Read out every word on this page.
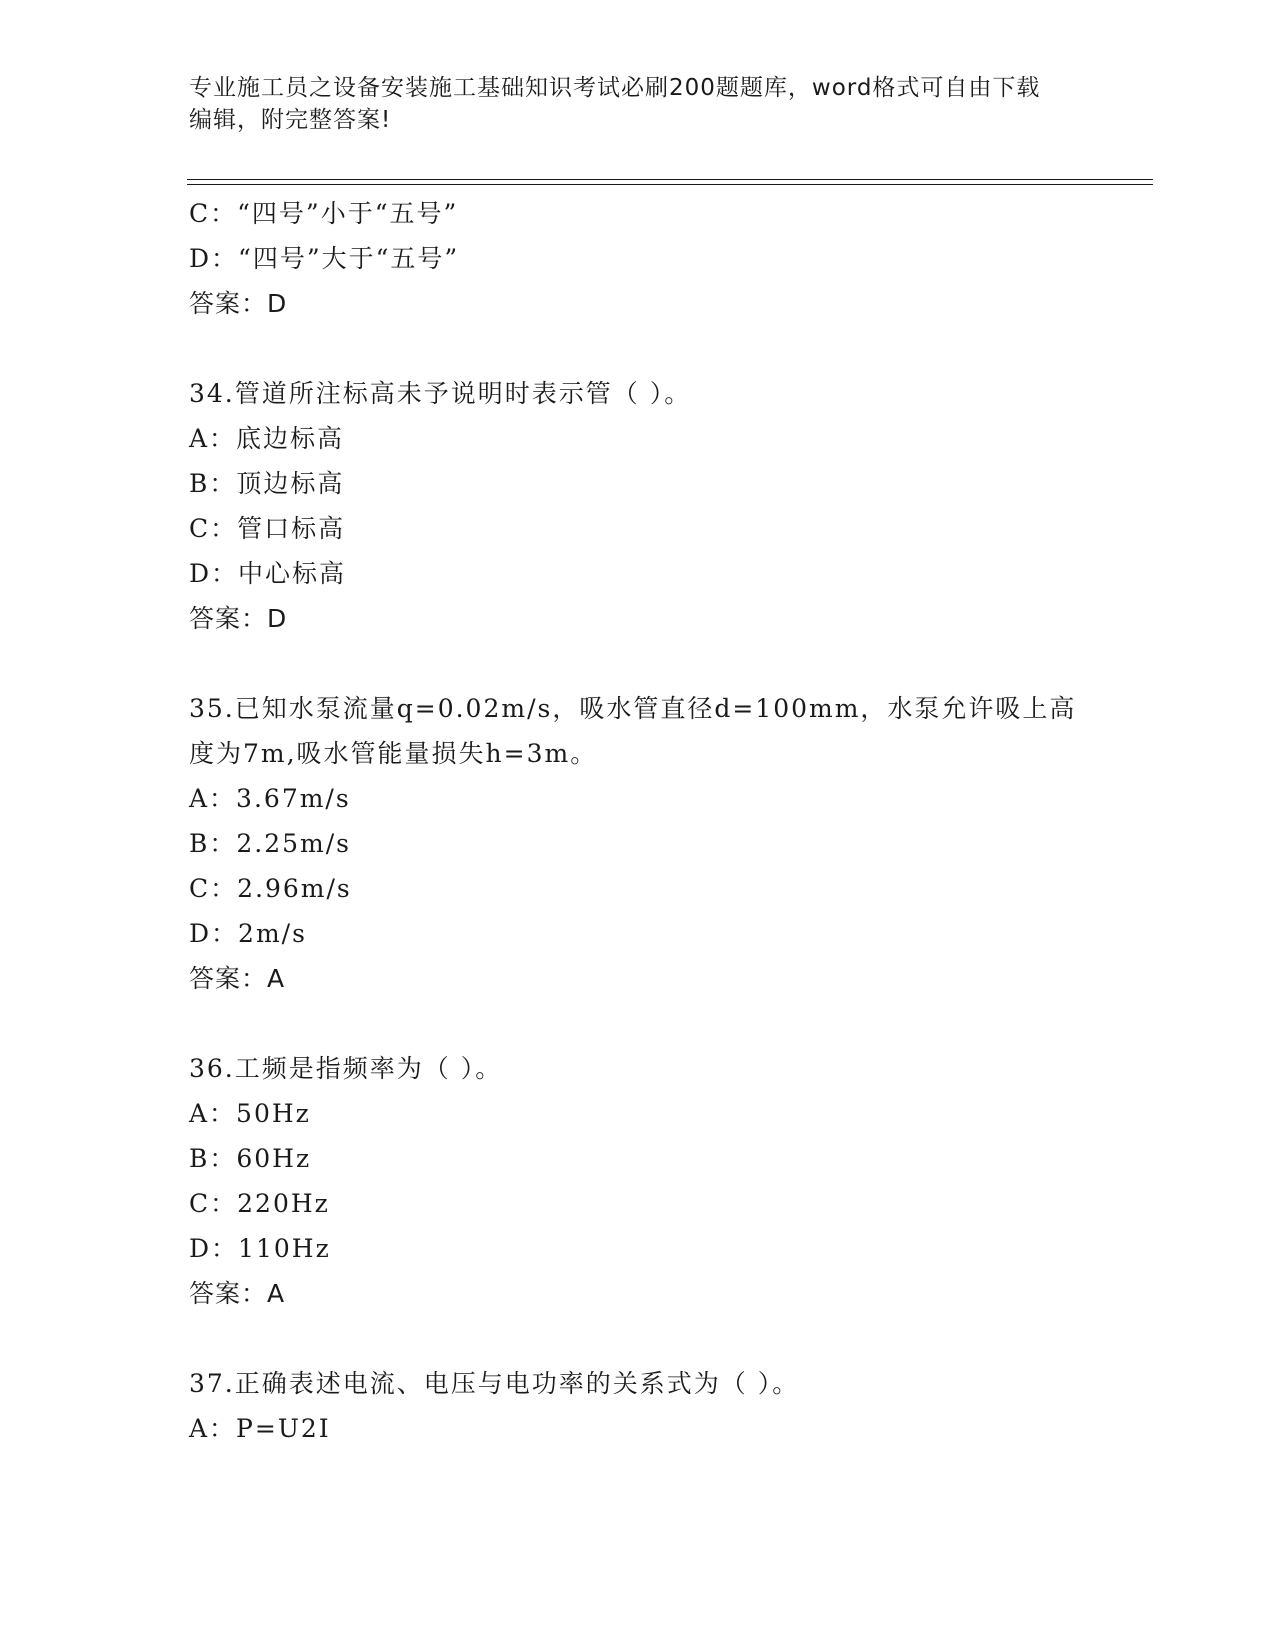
专业施工员之设备安装施工基础知识考试必刷200题题库，word格式可自由下载
编辑，附完整答案!
C：“四号”小于“五号”
D：“四号”大于“五号”
答案：D
34.管道所注标高未予说明时表示管（ ）。
A：底边标高
B：顶边标高
C：管口标高
D：中心标高
答案：D
35.已知水泵流量q=0.02m/s，吸水管直径d=100mm，水泵允许吸上高
度为7m,吸水管能量损失h=3m。
A：3.67m/s
B：2.25m/s
C：2.96m/s
D：2m/s
答案：A
36.工频是指频率为（ ）。
A：50Hz
B：60Hz
C：220Hz
D：110Hz
答案：A
37.正确表述电流、电压与电功率的关系式为（ ）。
A：P=U2I
